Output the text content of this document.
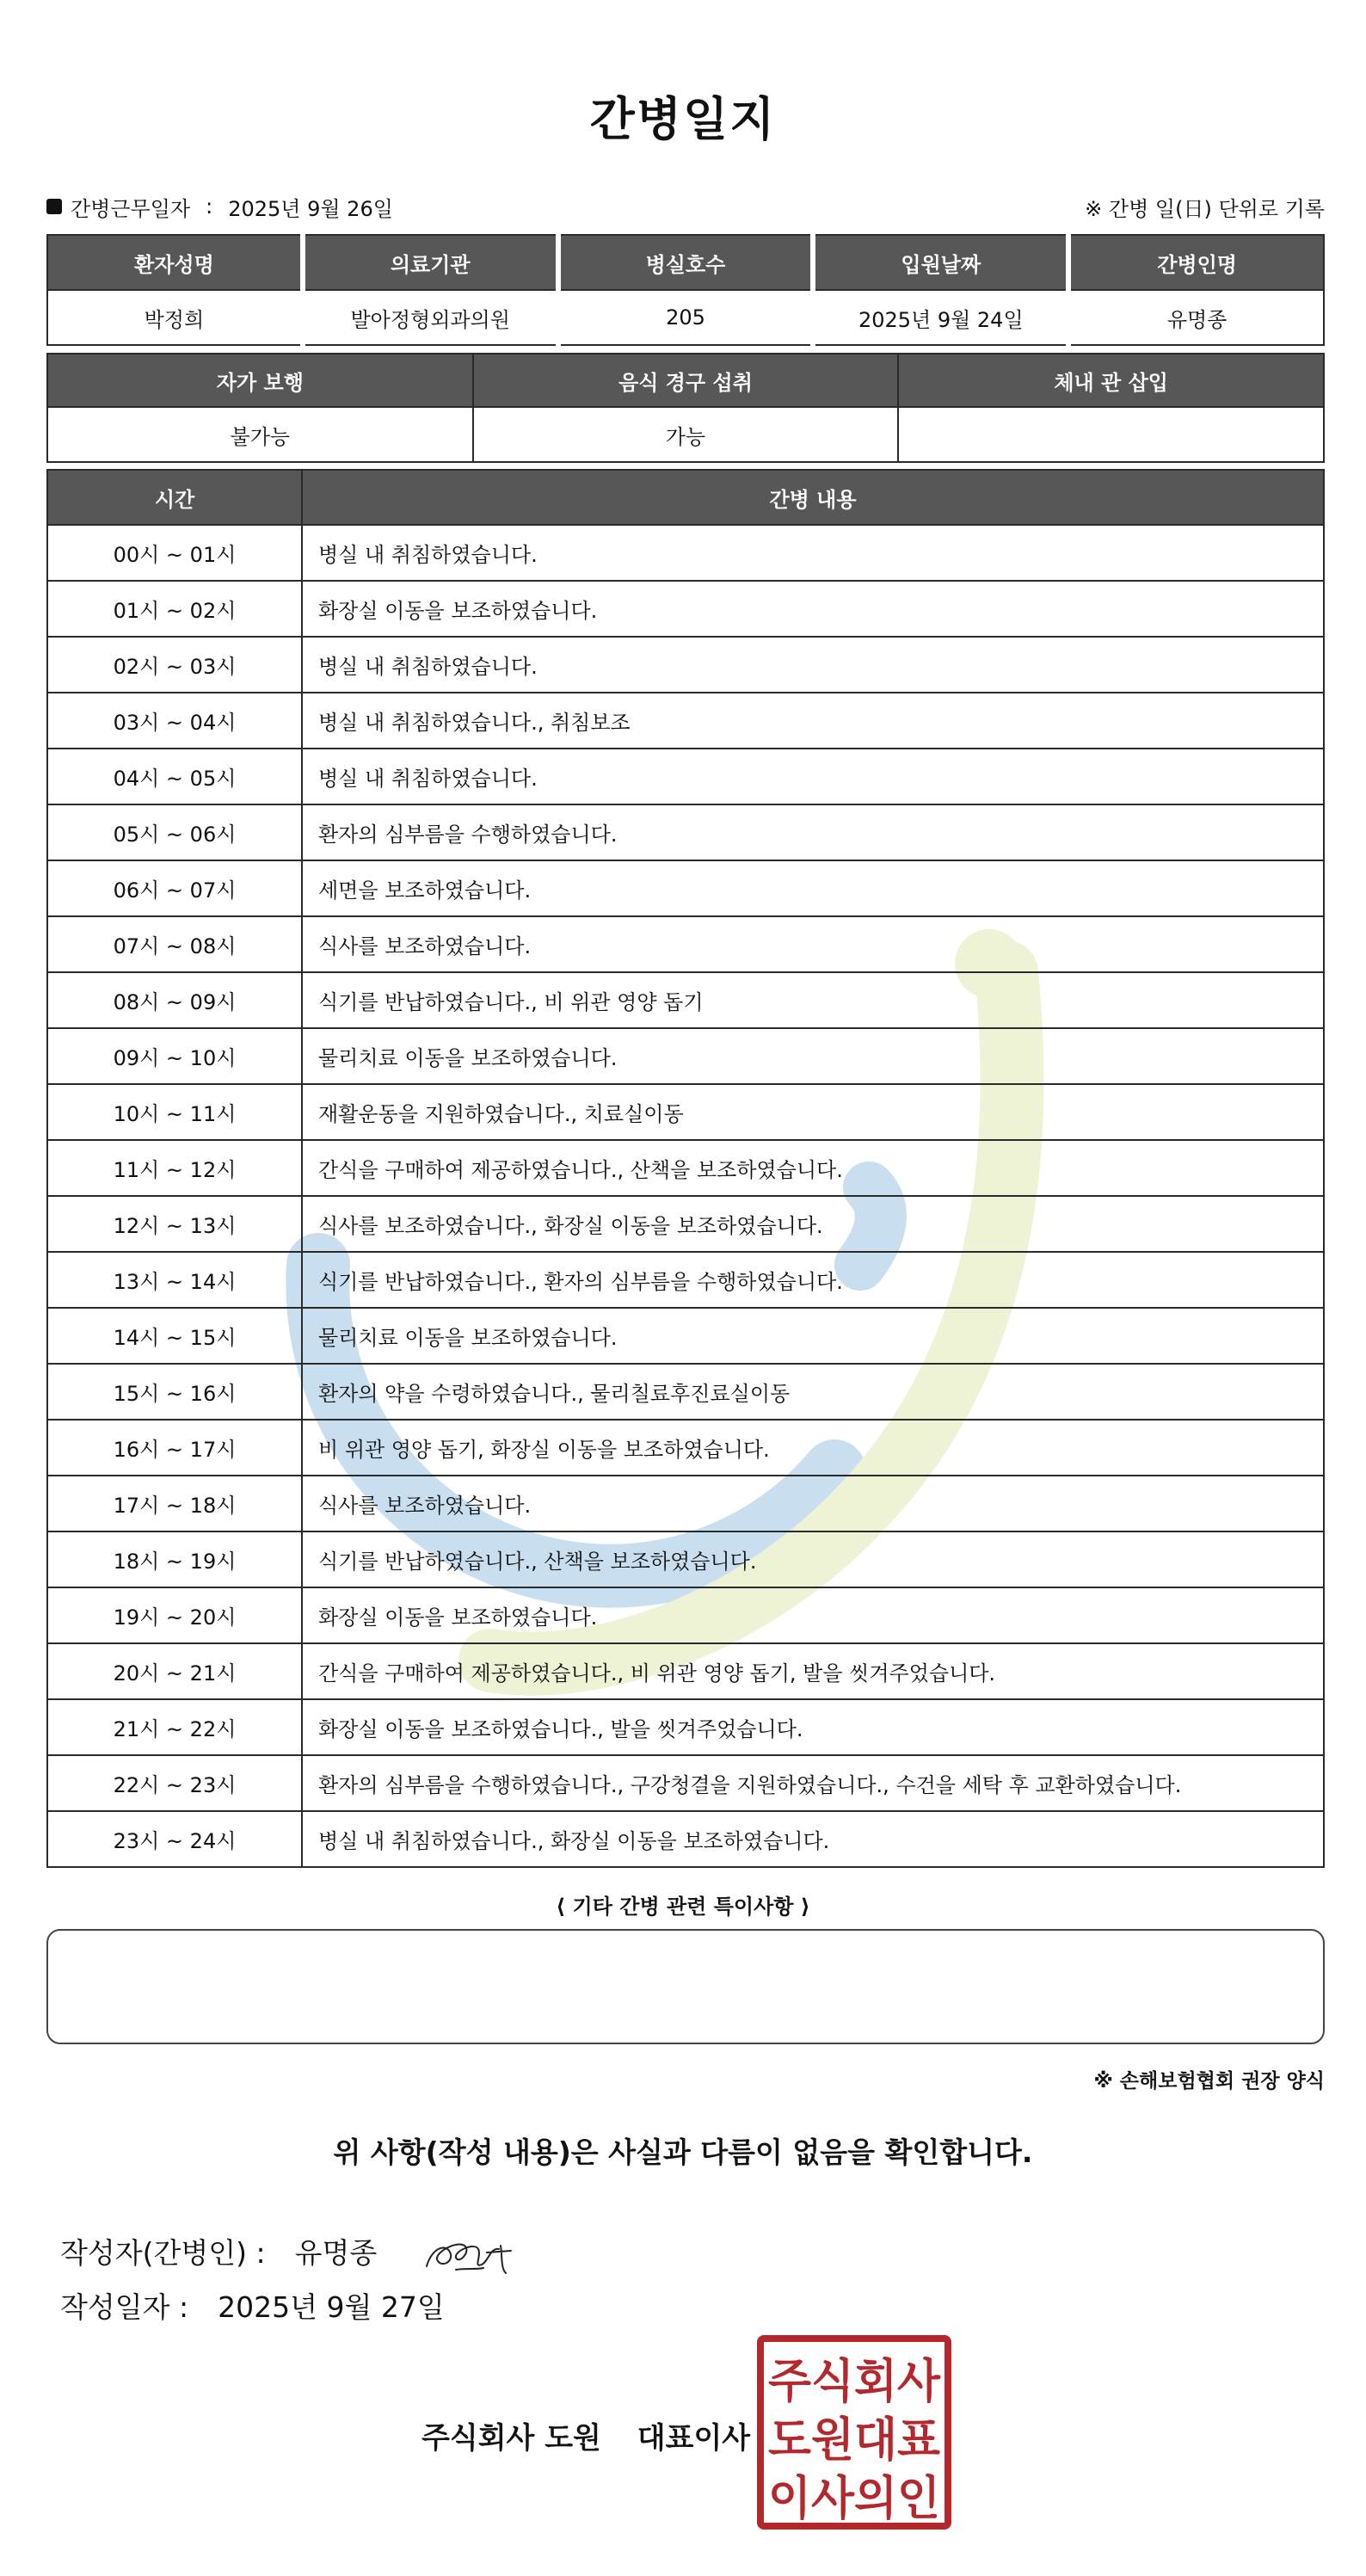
간병일지
간병근무일자 : 2025년 9월 26일	※ 간병 일(日) 단위로 기록
환자성명	의료기관	병실호수	입원날짜	간병인명
박정희	발아정형외과의원	205	2025년 9월 24일	유명종
자가 보행	음식 경구 섭취	체내 관 삽입
불가능	가능	
시간	간병 내용
00시 ~ 01시	병실 내 취침하였습니다.
01시 ~ 02시	화장실 이동을 보조하였습니다.
02시 ~ 03시	병실 내 취침하였습니다.
03시 ~ 04시	병실 내 취침하였습니다., 취침보조
04시 ~ 05시	병실 내 취침하였습니다.
05시 ~ 06시	환자의 심부름을 수행하였습니다.
06시 ~ 07시	세면을 보조하였습니다.
07시 ~ 08시	식사를 보조하였습니다.
08시 ~ 09시	식기를 반납하였습니다., 비 위관 영양 돕기
09시 ~ 10시	물리치료 이동을 보조하였습니다.
10시 ~ 11시	재활운동을 지원하였습니다., 치료실이동
11시 ~ 12시	간식을 구매하여 제공하였습니다., 산책을 보조하였습니다.
12시 ~ 13시	식사를 보조하였습니다., 화장실 이동을 보조하였습니다.
13시 ~ 14시	식기를 반납하였습니다., 환자의 심부름을 수행하였습니다.
14시 ~ 15시	물리치료 이동을 보조하였습니다.
15시 ~ 16시	환자의 약을 수령하였습니다., 물리칠료후진료실이동
16시 ~ 17시	비 위관 영양 돕기, 화장실 이동을 보조하였습니다.
17시 ~ 18시	식사를 보조하였습니다.
18시 ~ 19시	식기를 반납하였습니다., 산책을 보조하였습니다.
19시 ~ 20시	화장실 이동을 보조하였습니다.
20시 ~ 21시	간식을 구매하여 제공하였습니다., 비 위관 영양 돕기, 발을 씻겨주었습니다.
21시 ~ 22시	화장실 이동을 보조하였습니다., 발을 씻겨주었습니다.
22시 ~ 23시	환자의 심부름을 수행하였습니다., 구강청결을 지원하였습니다., 수건을 세탁 후 교환하였습니다.
23시 ~ 24시	병실 내 취침하였습니다., 화장실 이동을 보조하였습니다.
⟨ 기타 간병 관련 특이사항 ⟩
※ 손해보험협회 권장 양식
위 사항(작성 내용)은 사실과 다름이 없음을 확인합니다.
작성자(간병인) : 유명종
작성일자 : 2025년 9월 27일
주식회사 도원 대표이사
주식회사
도원대표
이사의인
